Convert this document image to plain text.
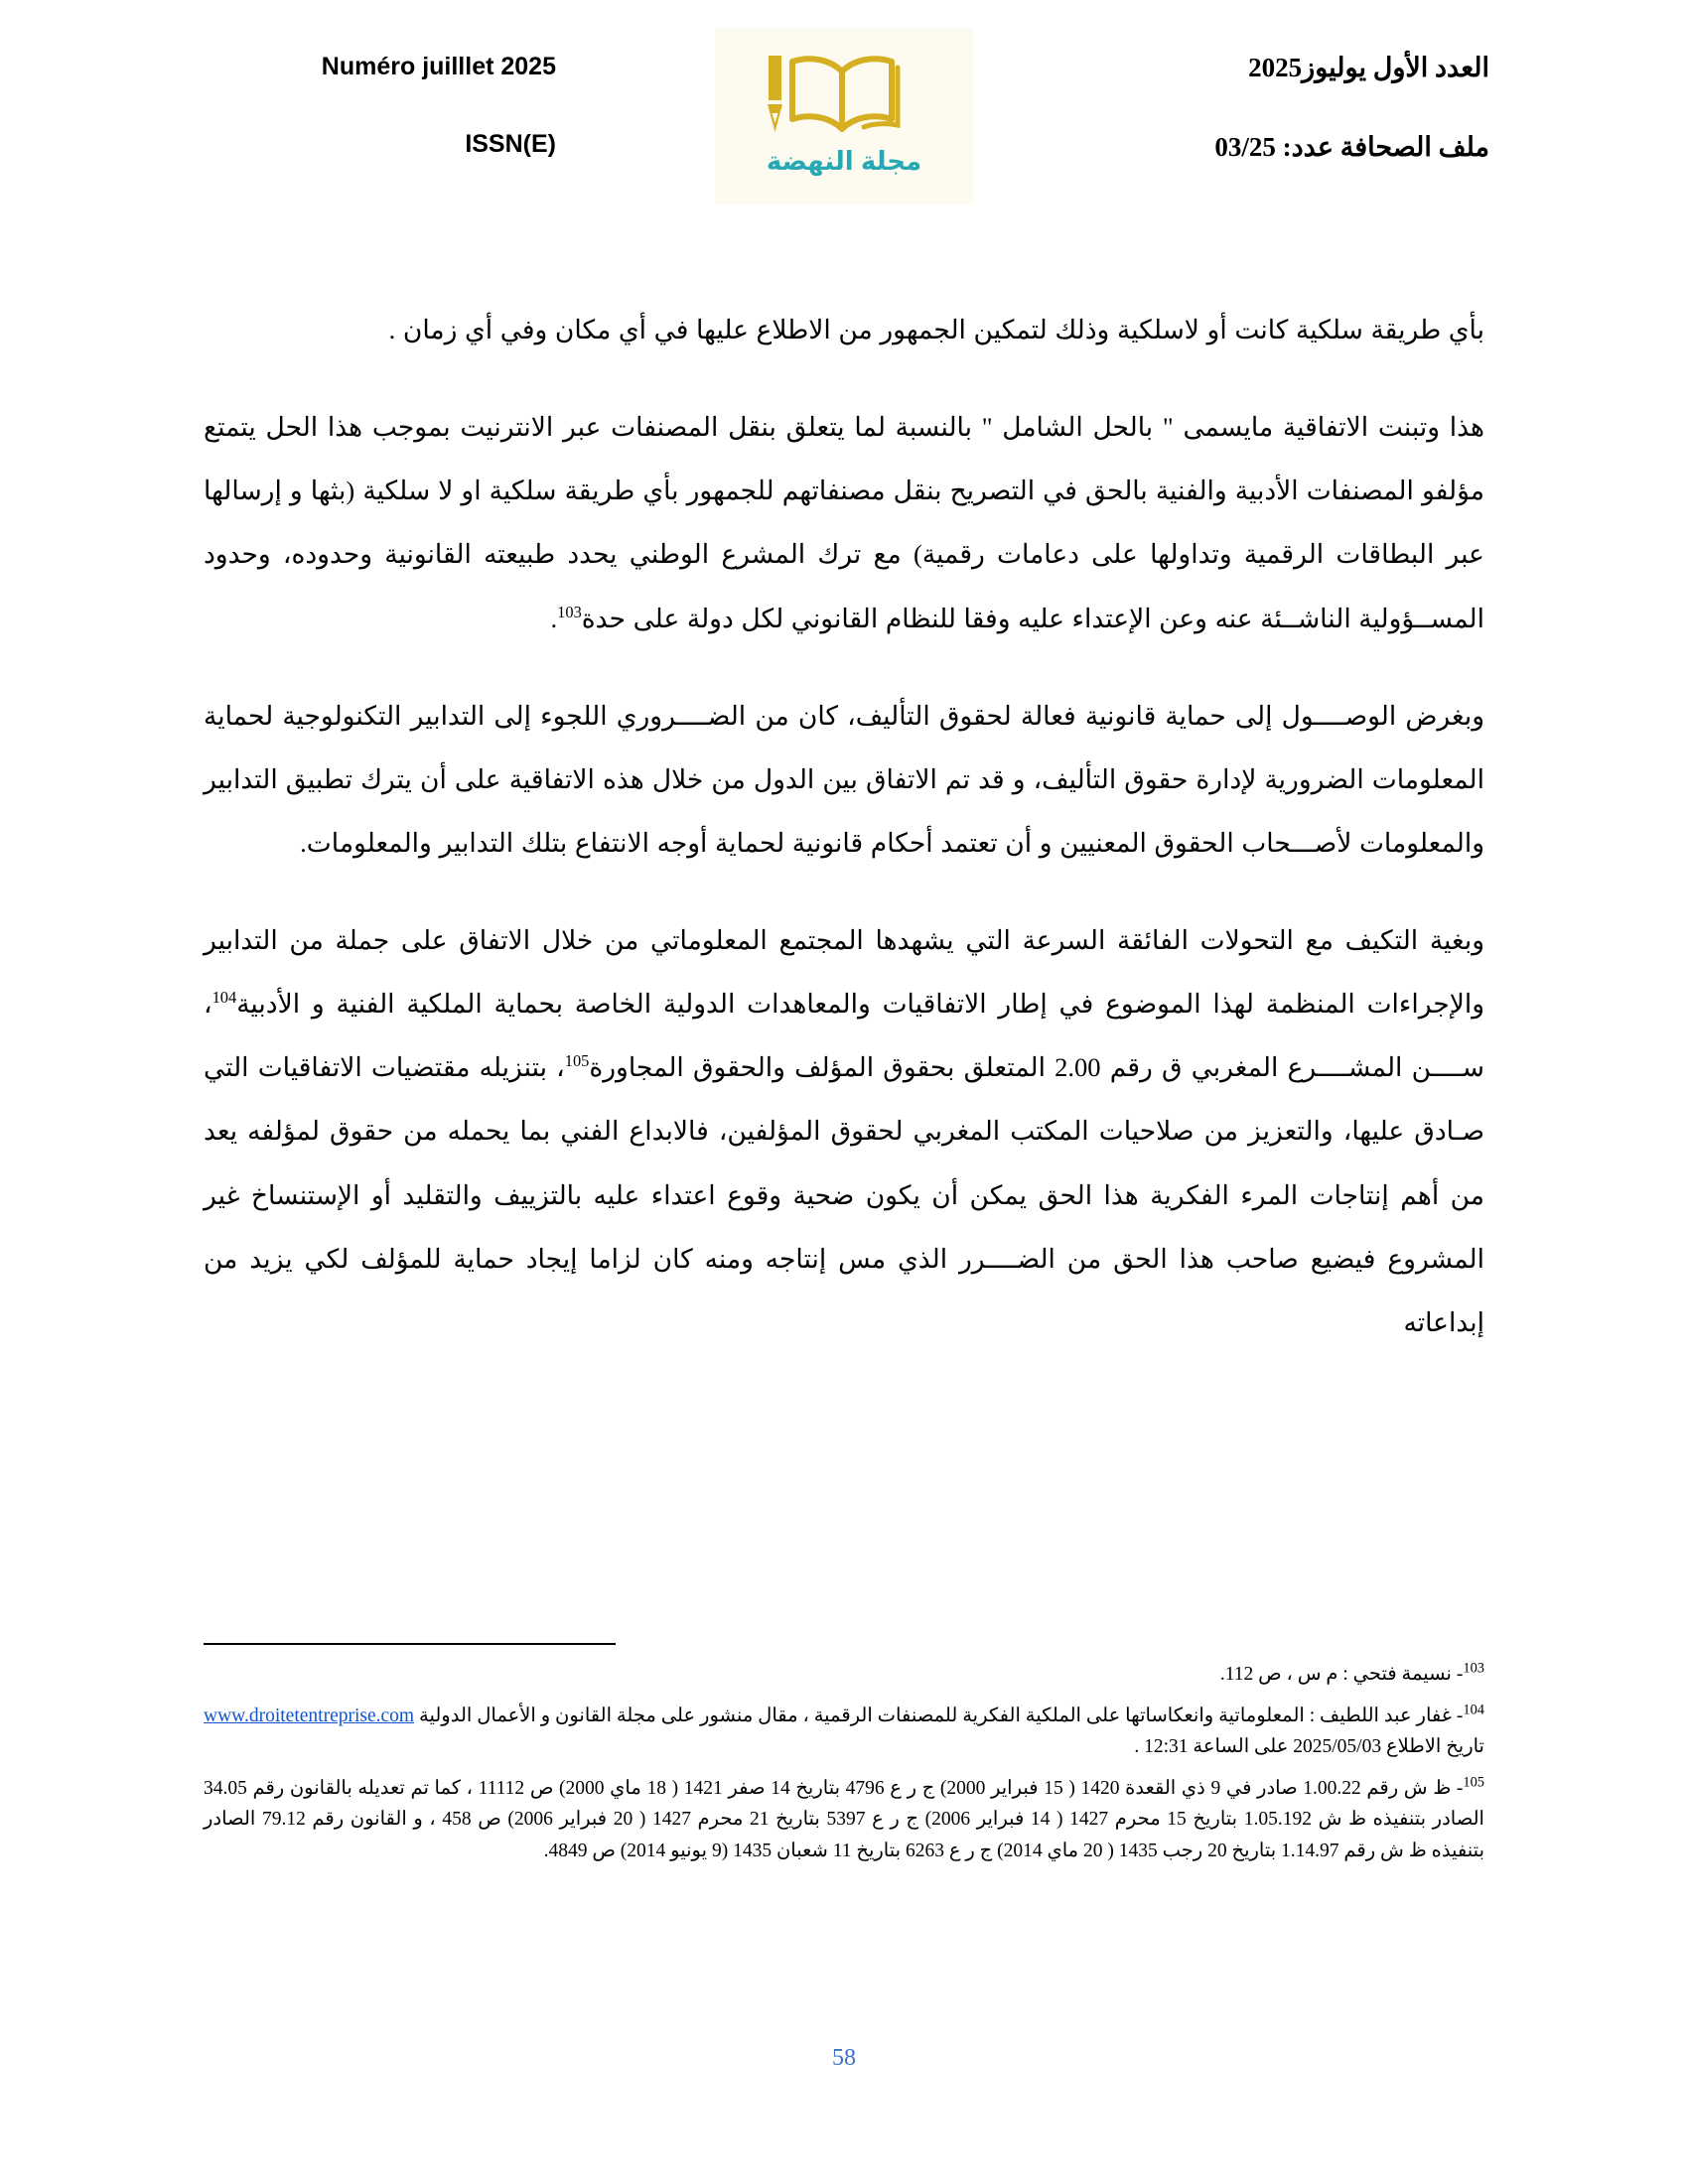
العدد الأول يوليوز2025
ملف الصحافة عدد: 03/25
مجلة النهضة
Numéro juilllet 2025
ISSN(E)

بأي طريقة سلكية كانت أو لاسلكية وذلك لتمكين الجمهور من الاطلاع عليها في أي مكان وفي أي زمان .

هذا وتبنت الاتفاقية مايسمى " بالحل الشامل " بالنسبة لما يتعلق بنقل المصنفات عبر الانترنيت بموجب هذا الحل يتمتع مؤلفو المصنفات الأدبية والفنية بالحق في التصريح بنقل مصنفاتهم للجمهور بأي طريقة سلكية او لا سلكية (بثها و إرسالها عبر البطاقات الرقمية وتداولها على دعامات رقمية) مع ترك المشرع الوطني يحدد طبيعته القانونية وحدوده، وحدود المســؤولية الناشــئة عنه وعن الإعتداء عليه وفقا للنظام القانوني لكل دولة على حدة$^{103}$.

وبغرض الوصــــول إلى حماية قانونية فعالة لحقوق التأليف، كان من الضــــروري اللجوء إلى التدابير التكنولوجية لحماية المعلومات الضرورية لإدارة حقوق التأليف، و قد تم الاتفاق بين الدول من خلال هذه الاتفاقية على أن يترك تطبيق التدابير والمعلومات لأصـــحاب الحقوق المعنيين و أن تعتمد أحكام قانونية لحماية أوجه الانتفاع بتلك التدابير والمعلومات.

وبغية التكيف مع التحولات الفائقة السرعة التي يشهدها المجتمع المعلوماتي من خلال الاتفاق على جملة من التدابير والإجراءات المنظمة لهذا الموضوع في إطار الاتفاقيات والمعاهدات الدولية الخاصة بحماية الملكية الفنية و الأدبية$^{104}$، ســــن المشــــرع المغربي ق رقم 2.00 المتعلق بحقوق المؤلف والحقوق المجاورة$^{105}$، بتنزيله مقتضيات الاتفاقيات التي صـادق عليها، والتعزيز من صلاحيات المكتب المغربي لحقوق المؤلفين، فالابداع الفني بما يحمله من حقوق لمؤلفه يعد من أهم إنتاجات المرء الفكرية هذا الحق يمكن أن يكون ضحية وقوع اعتداء عليه بالتزييف والتقليد أو الإستنساخ غير المشروع فيضيع صاحب هذا الحق من الضــــرر الذي مس إنتاجه ومنه كان لزاما إيجاد حماية للمؤلف لكي يزيد من إبداعاته

$^{103}$- نسيمة فتحي : م س ، ص 112.

$^{104}$- غفار عبد اللطيف : المعلوماتية وانعكاساتها على الملكية الفكرية للمصنفات الرقمية ، مقال منشور على مجلة القانون و الأعمال الدولية www.droitetentreprise.com تاريخ الاطلاع 2025/05/03 على الساعة 12:31 .

$^{105}$- ظ ش رقم 1.00.22 صادر في 9 ذي القعدة 1420 ( 15 فبراير 2000) ج ر ع 4796 بتاريخ 14 صفر 1421 ( 18 ماي 2000) ص 11112 ، كما تم تعديله بالقانون رقم 34.05 الصادر بتنفيذه ظ ش 1.05.192 بتاريخ 15 محرم 1427 ( 14 فبراير 2006) ج ر ع 5397 بتاريخ 21 محرم 1427 ( 20 فبراير 2006) ص 458 ، و القانون رقم 79.12 الصادر بتنفيذه ظ ش رقم 1.14.97 بتاريخ 20 رجب 1435 ( 20 ماي 2014) ج ر ع 6263 بتاريخ 11 شعبان 1435 (9 يونيو 2014) ص 4849.

58
